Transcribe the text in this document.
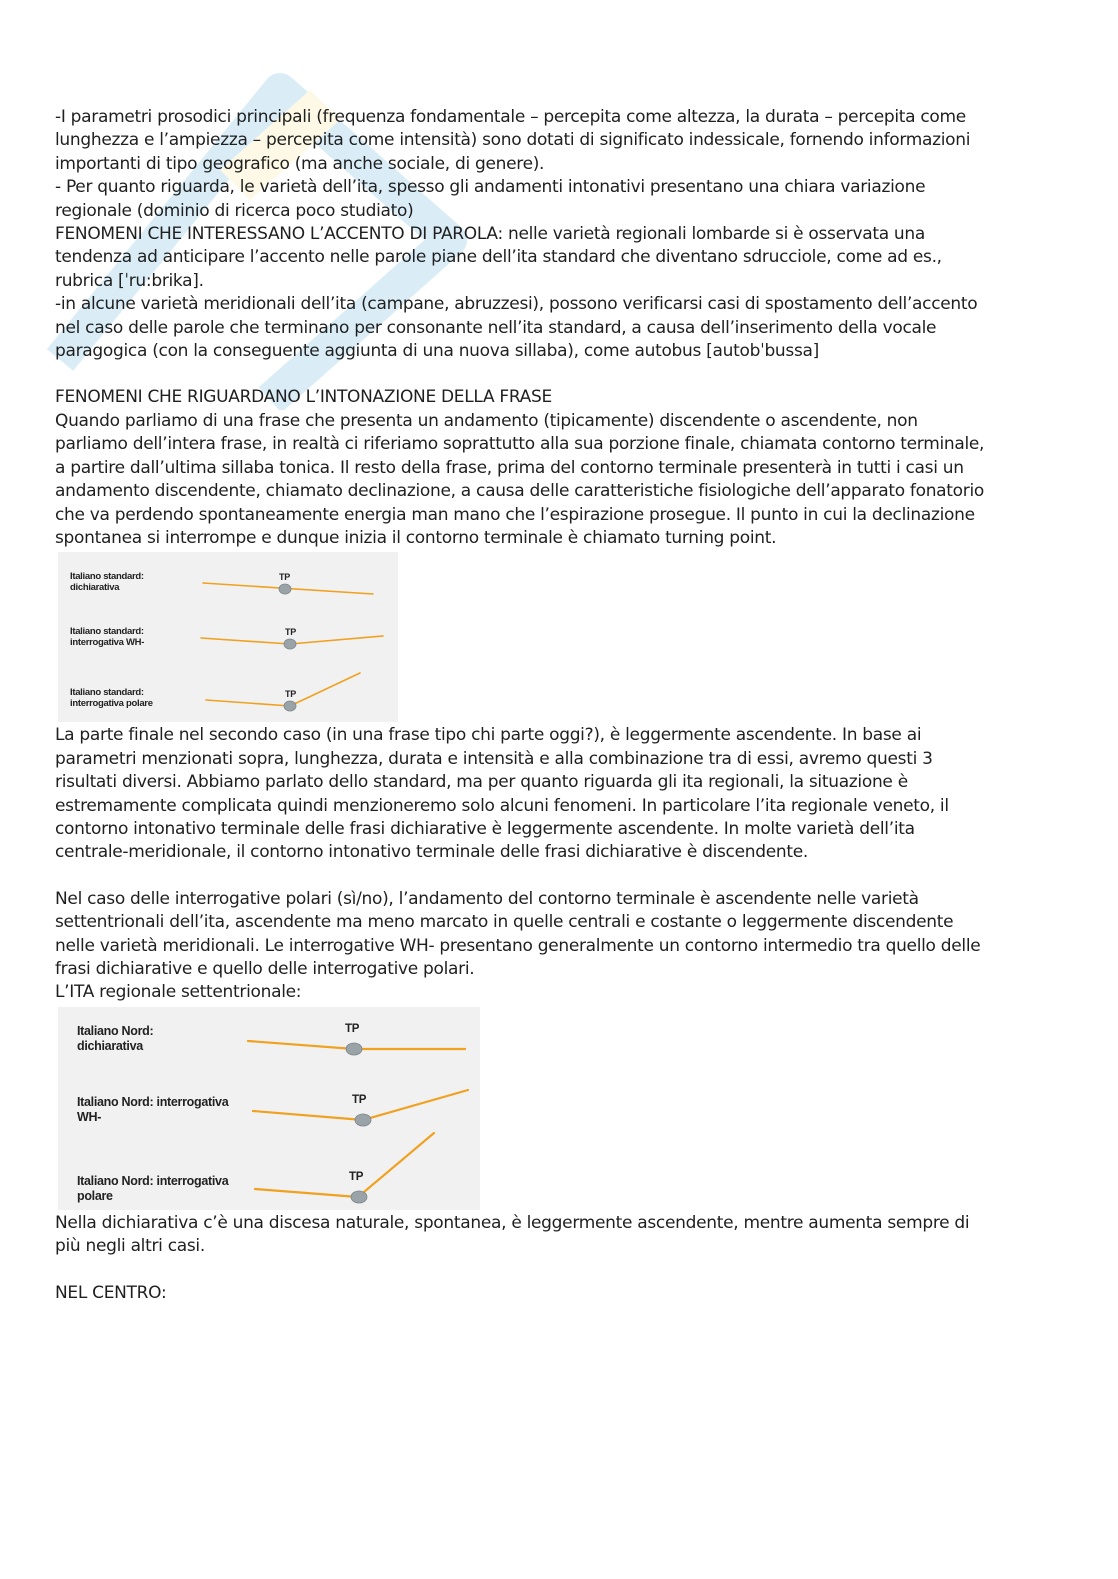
-I parametri prosodici principali (frequenza fondamentale – percepita come altezza, la durata – percepita come lunghezza e l’ampiezza – percepita come intensità) sono dotati di significato indessicale, fornendo informazioni importanti di tipo geografico (ma anche sociale, di genere).

- Per quanto riguarda, le varietà dell’ita, spesso gli andamenti intonativi presentano una chiara variazione regionale (dominio di ricerca poco studiato)

FENOMENI CHE INTERESSANO L’ACCENTO DI PAROLA: nelle varietà regionali lombarde si è osservata una tendenza ad anticipare l’accento nelle parole piane dell’ita standard che diventano sdrucciole, come ad es., rubrica [ˈru:brika].

-in alcune varietà meridionali dell’ita (campane, abruzzesi), possono verificarsi casi di spostamento dell’accento nel caso delle parole che terminano per consonante nell’ita standard, a causa dell’inserimento della vocale paragogica (con la conseguente aggiunta di una nuova sillaba), come autobus [autobˈbussa]

FENOMENI CHE RIGUARDANO L’INTONAZIONE DELLA FRASE

Quando parliamo di una frase che presenta un andamento (tipicamente) discendente o ascendente, non parliamo dell’intera frase, in realtà ci riferiamo soprattutto alla sua porzione finale, chiamata contorno terminale, a partire dall’ultima sillaba tonica. Il resto della frase, prima del contorno terminale presenterà in tutti i casi un andamento discendente, chiamato declinazione, a causa delle caratteristiche fisiologiche dell’apparato fonatorio che va perdendo spontaneamente energia man mano che l’espirazione prosegue. Il punto in cui la declinazione spontanea si interrompe e dunque inizia il contorno terminale è chiamato turning point.

Italiano standard:
dichiarativa
Italiano standard:
interrogativa WH-
Italiano standard:
interrogativa polare
TP
TP
TP

La parte finale nel secondo caso (in una frase tipo chi parte oggi?), è leggermente ascendente. In base ai parametri menzionati sopra, lunghezza, durata e intensità e alla combinazione tra di essi, avremo questi 3 risultati diversi. Abbiamo parlato dello standard, ma per quanto riguarda gli ita regionali, la situazione è estremamente complicata quindi menzioneremo solo alcuni fenomeni. In particolare l’ita regionale veneto, il contorno intonativo terminale delle frasi dichiarative è leggermente ascendente. In molte varietà dell’ita centrale-meridionale, il contorno intonativo terminale delle frasi dichiarative è discendente.

Nel caso delle interrogative polari (sì/no), l’andamento del contorno terminale è ascendente nelle varietà settentrionali dell’ita, ascendente ma meno marcato in quelle centrali e costante o leggermente discendente nelle varietà meridionali. Le interrogative WH- presentano generalmente un contorno intermedio tra quello delle frasi dichiarative e quello delle interrogative polari.

L’ITA regionale settentrionale:

Italiano Nord:
dichiarativa
Italiano Nord: interrogativa
WH-
Italiano Nord: interrogativa
polare
TP
TP
TP

Nella dichiarativa c’è una discesa naturale, spontanea, è leggermente ascendente, mentre aumenta sempre di più negli altri casi.

NEL CENTRO:
